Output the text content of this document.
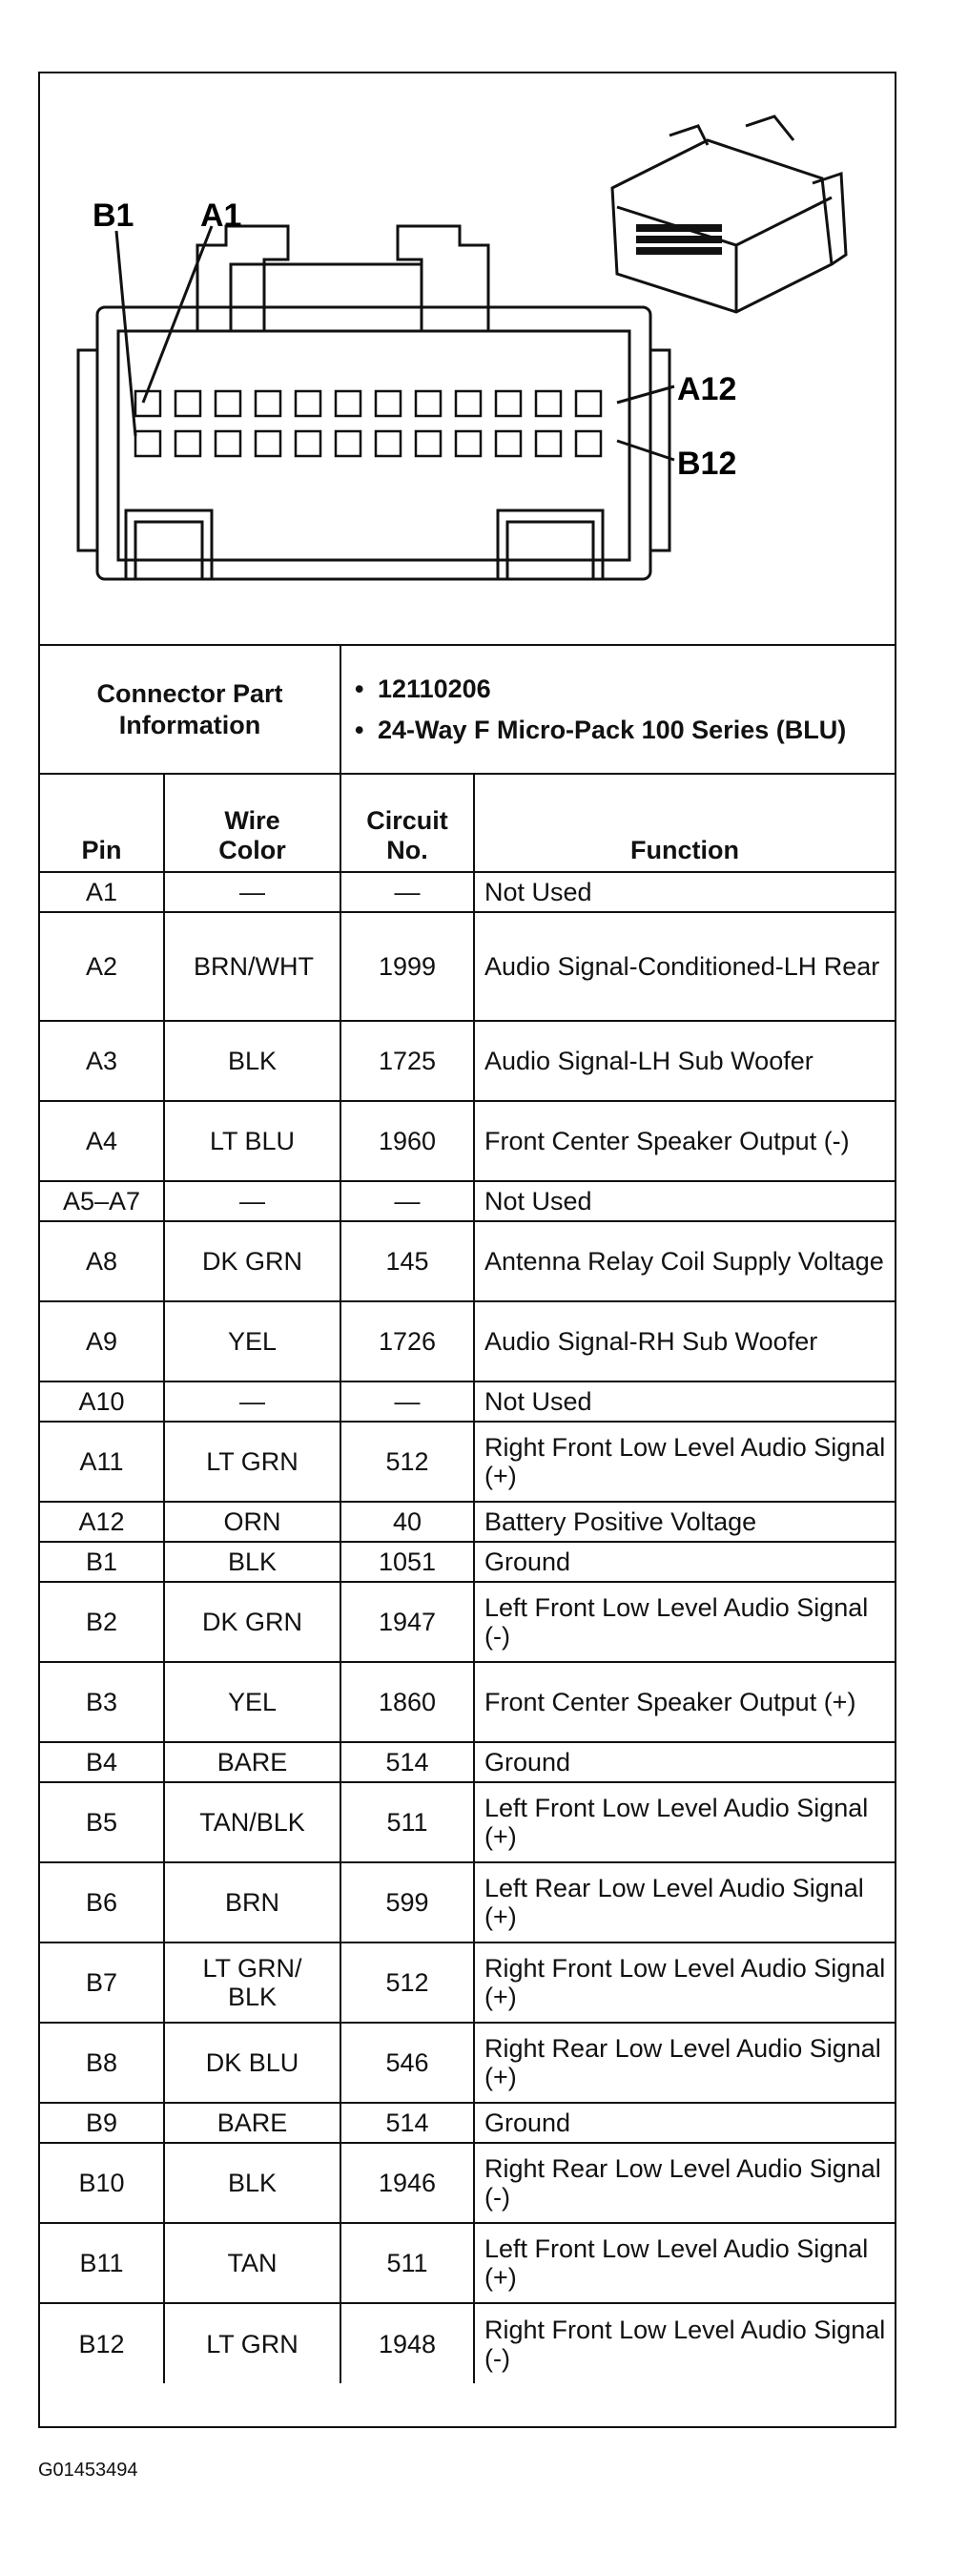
B1 A1
A12
B12
Connector Part Information		• 12110206
• 24-Way F Micro-Pack 100 Series (BLU)	

Pin	Wire Color	Circuit No.	Function
A1	—	—	Not Used
A2	BRN/WHT	1999	Audio Signal-Conditioned-LH Rear
A3	BLK	1725	Audio Signal-LH Sub Woofer
A4	LT BLU	1960	Front Center Speaker Output (-)
A5–A7	—	—	Not Used
A8	DK GRN	145	Antenna Relay Coil Supply Voltage
A9	YEL	1726	Audio Signal-RH Sub Woofer
A10	—	—	Not Used
A11	LT GRN	512	Right Front Low Level Audio Signal (+)
A12	ORN	40	Battery Positive Voltage
B1	BLK	1051	Ground
B2	DK GRN	1947	Left Front Low Level Audio Signal (-)
B3	YEL	1860	Front Center Speaker Output (+)
B4	BARE	514	Ground
B5	TAN/BLK	511	Left Front Low Level Audio Signal (+)
B6	BRN	599	Left Rear Low Level Audio Signal (+)
B7	LT GRN/ BLK	512	Right Front Low Level Audio Signal (+)
B8	DK BLU	546	Right Rear Low Level Audio Signal (+)
B9	BARE	514	Ground
B10	BLK	1946	Right Rear Low Level Audio Signal (-)
B11	TAN	511	Left Front Low Level Audio Signal (+)
B12	LT GRN	1948	Right Front Low Level Audio Signal (-)
G01453494
